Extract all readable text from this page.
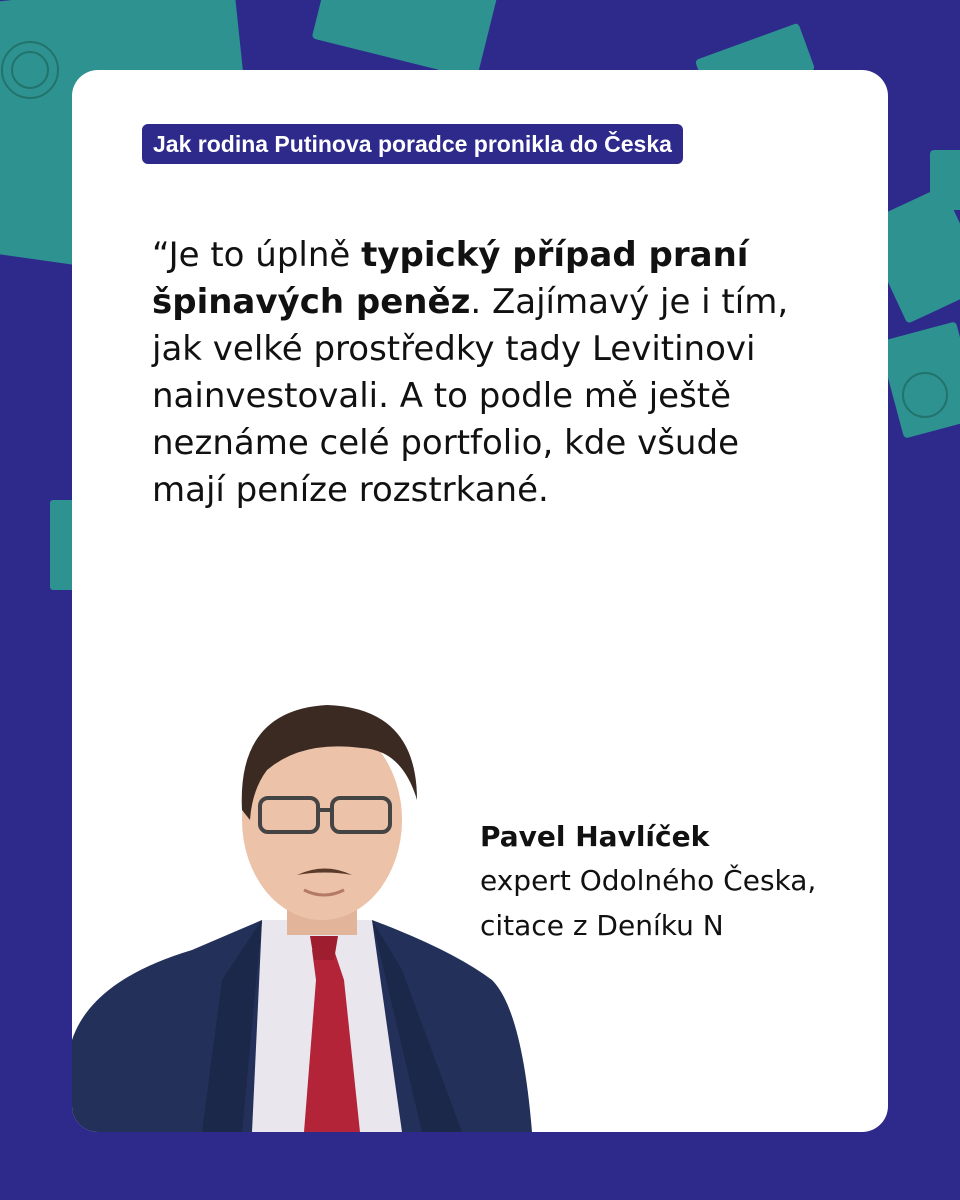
Jak rodina Putinova poradce pronikla do Česka

“Je to úplně typický případ praní špinavých peněz. Zajímavý je i tím, jak velké prostředky tady Levitinovi nainvestovali. A to podle mě ještě neznáme celé portfolio, kde všude mají peníze rozstrkané.

Pavel Havlíček
expert Odolného Česka,
citace z Deníku N
